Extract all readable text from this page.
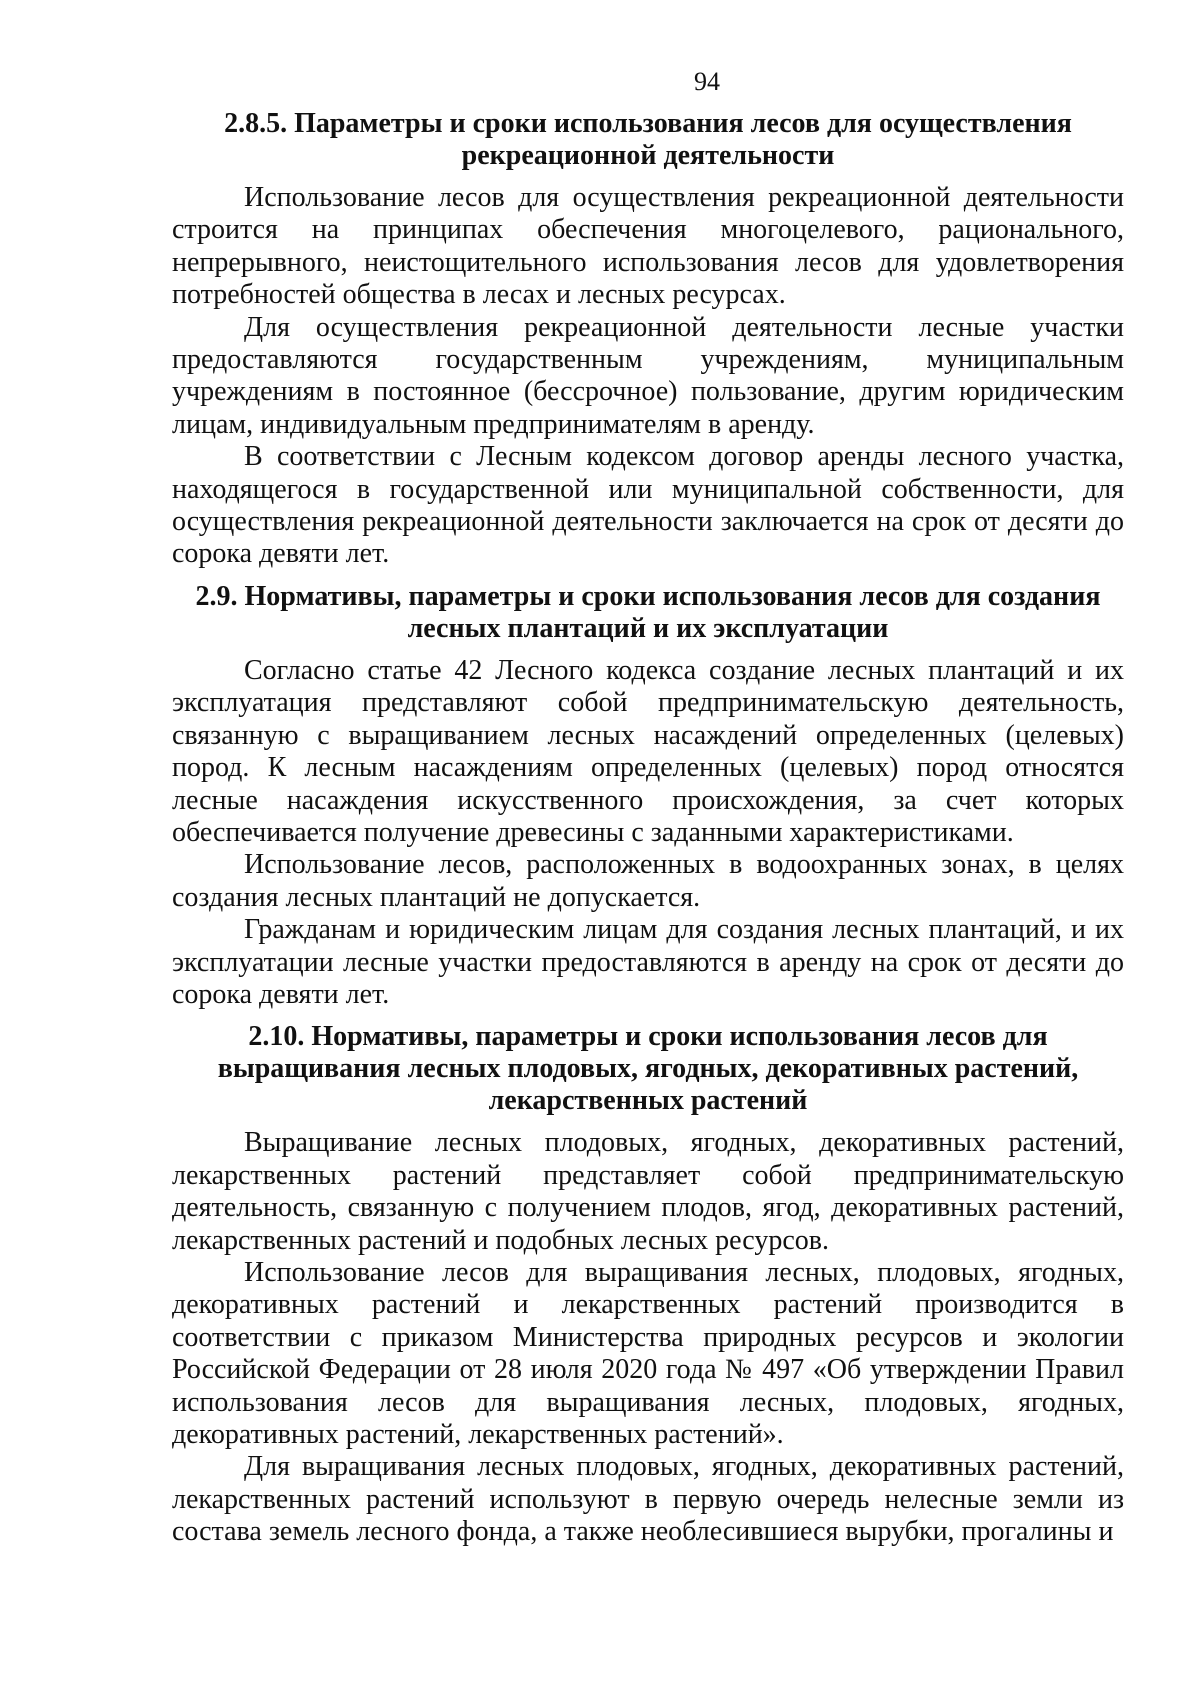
94
2.8.5. Параметры и сроки использования лесов для осуществления рекреационной деятельности

Использование лесов для осуществления рекреационной деятельности строится на принципах обеспечения многоцелевого, рационального, непрерывного, неистощительного использования лесов для удовлетворения потребностей общества в лесах и лесных ресурсах.

Для осуществления рекреационной деятельности лесные участки предоставляются государственным учреждениям, муниципальным учреждениям в постоянное (бессрочное) пользование, другим юридическим лицам, индивидуальным предпринимателям в аренду.

В соответствии с Лесным кодексом договор аренды лесного участка, находящегося в государственной или муниципальной собственности, для осуществления рекреационной деятельности заключается на срок от десяти до сорока девяти лет.

2.9. Нормативы, параметры и сроки использования лесов для создания лесных плантаций и их эксплуатации

Согласно статье 42 Лесного кодекса создание лесных плантаций и их эксплуатация представляют собой предпринимательскую деятельность, связанную с выращиванием лесных насаждений определенных (целевых) пород. К лесным насаждениям определенных (целевых) пород относятся лесные насаждения искусственного происхождения, за счет которых обеспечивается получение древесины с заданными характеристиками.

Использование лесов, расположенных в водоохранных зонах, в целях создания лесных плантаций не допускается.

Гражданам и юридическим лицам для создания лесных плантаций, и их эксплуатации лесные участки предоставляются в аренду на срок от десяти до сорока девяти лет.

2.10. Нормативы, параметры и сроки использования лесов для выращивания лесных плодовых, ягодных, декоративных растений, лекарственных растений

Выращивание лесных плодовых, ягодных, декоративных растений, лекарственных растений представляет собой предпринимательскую деятельность, связанную с получением плодов, ягод, декоративных растений, лекарственных растений и подобных лесных ресурсов.

Использование лесов для выращивания лесных, плодовых, ягодных, декоративных растений и лекарственных растений производится в соответствии с приказом Министерства природных ресурсов и экологии Российской Федерации от 28 июля 2020 года № 497 «Об утверждении Правил использования лесов для выращивания лесных, плодовых, ягодных, декоративных растений, лекарственных растений».

Для выращивания лесных плодовых, ягодных, декоративных растений, лекарственных растений используют в первую очередь нелесные земли из состава земель лесного фонда, а также необлесившиеся вырубки, прогалины и
